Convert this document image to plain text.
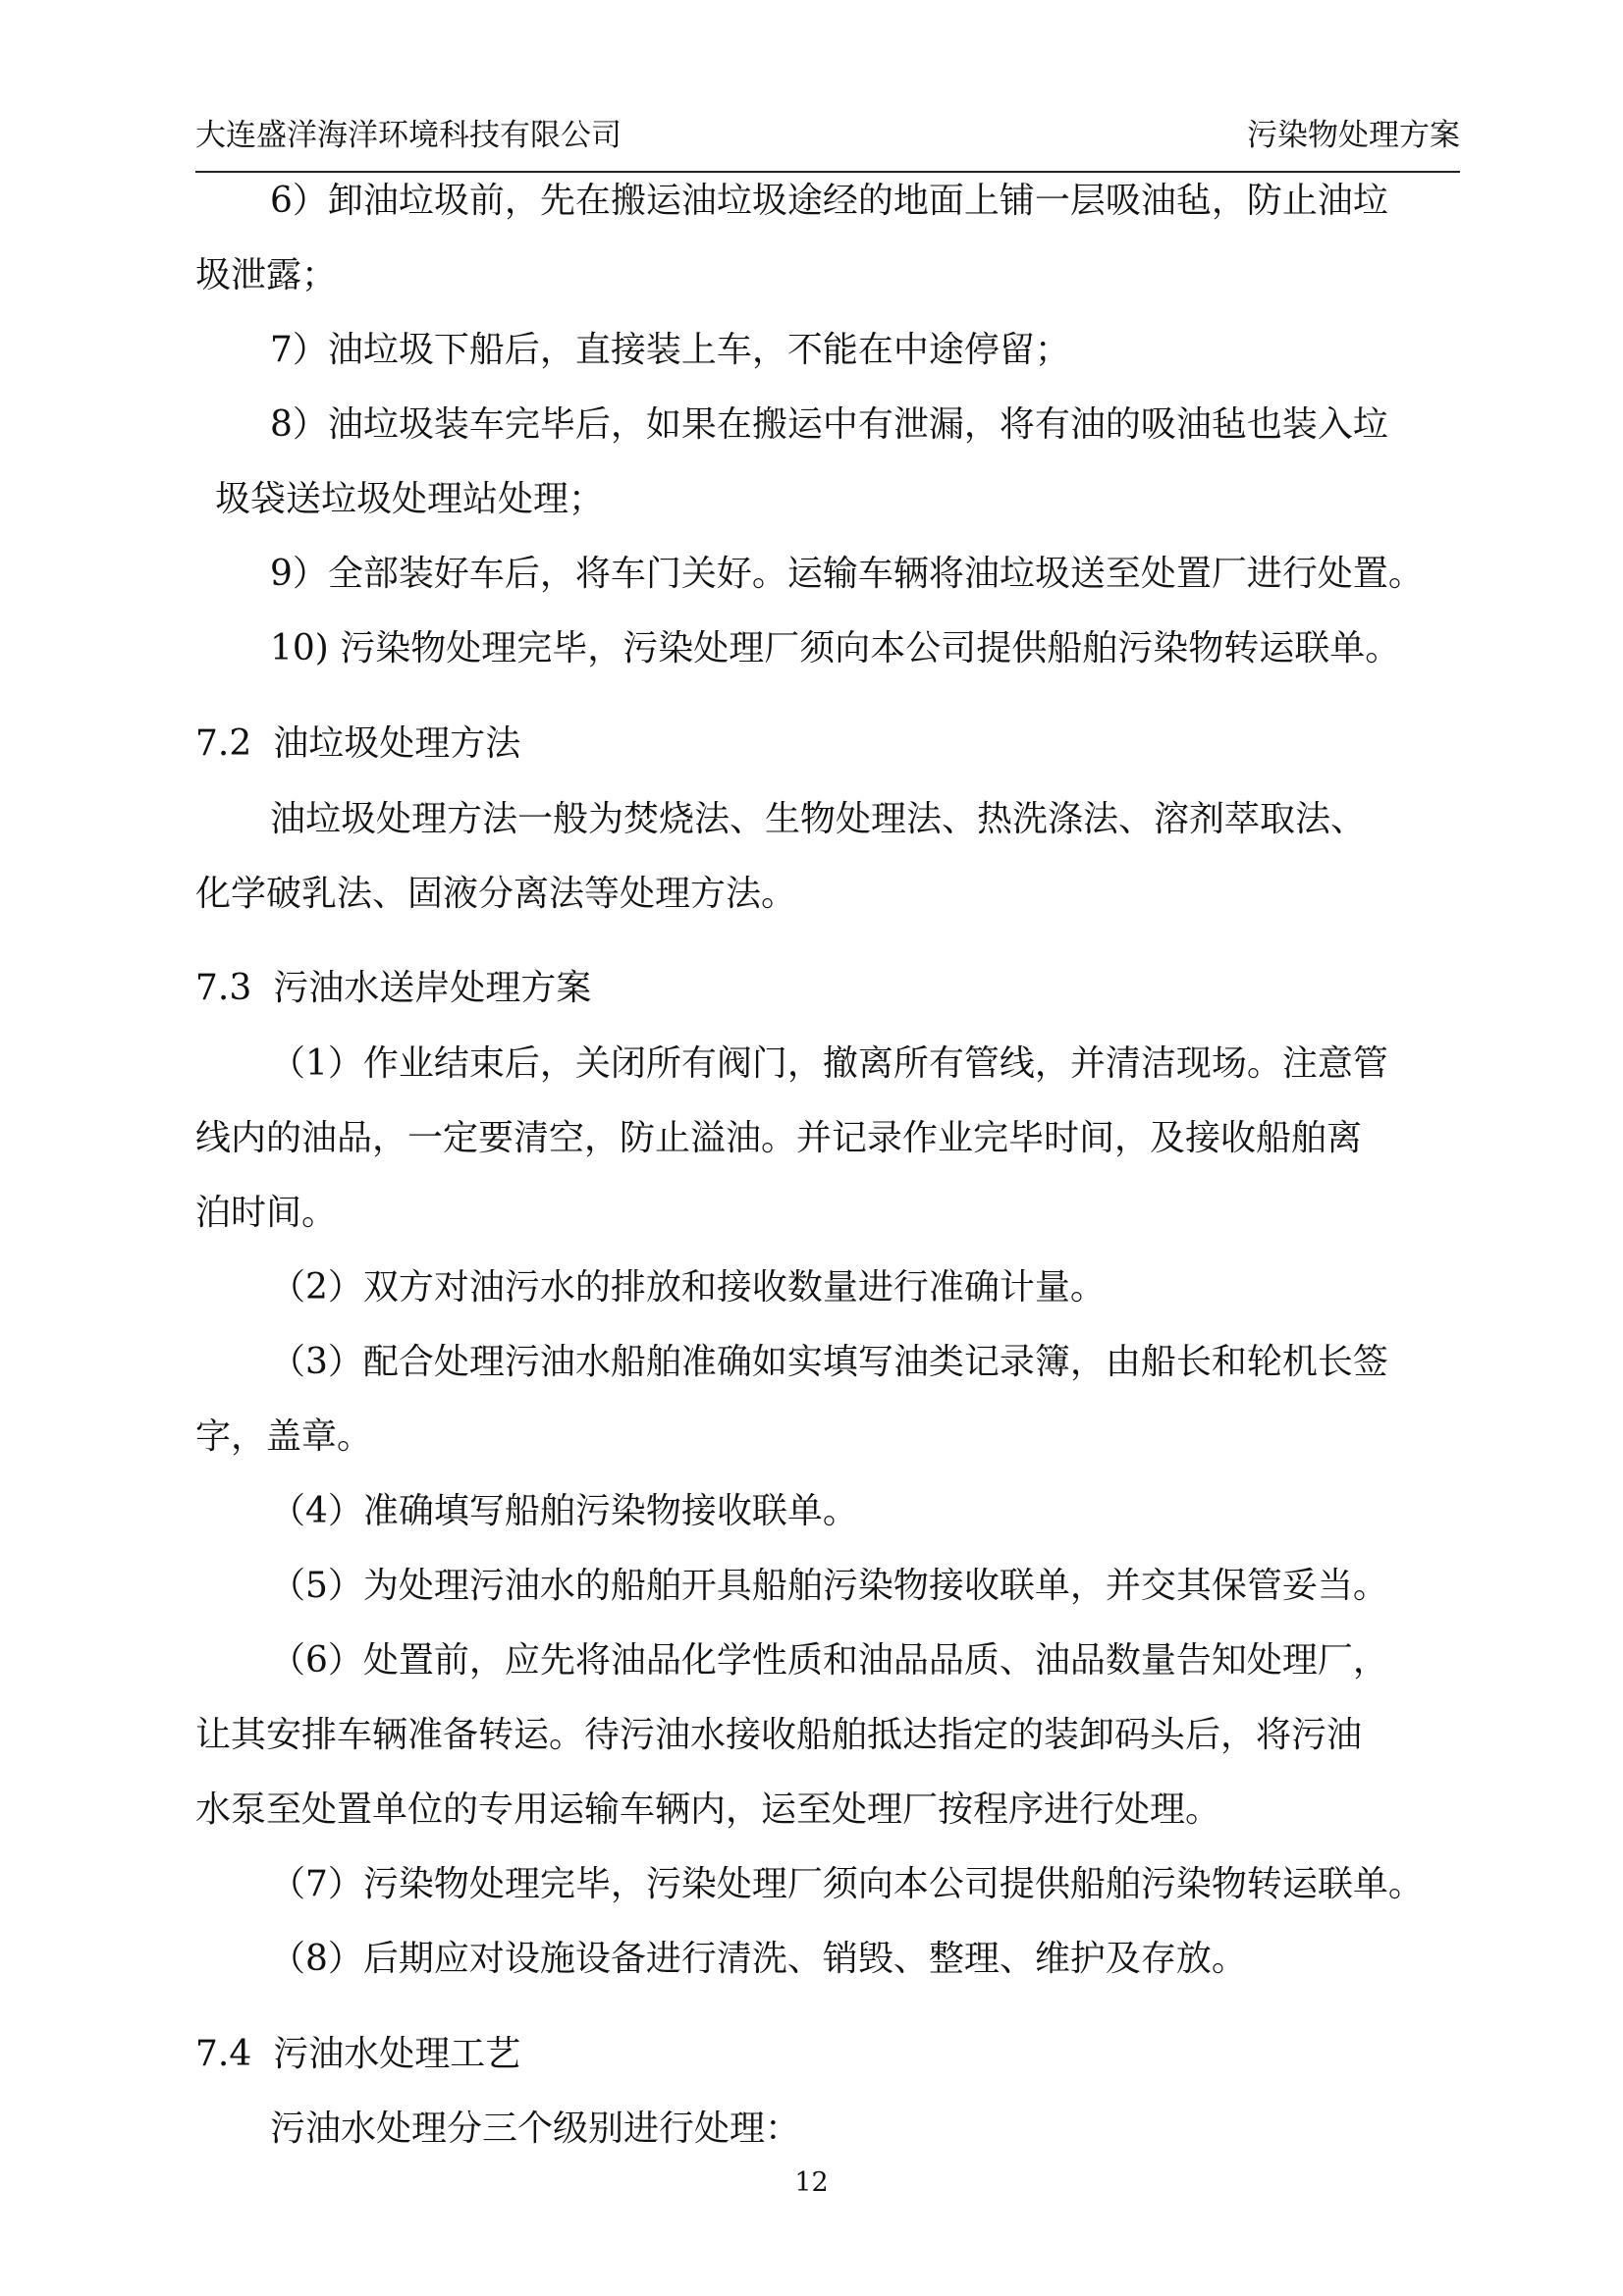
大连盛洋海洋环境科技有限公司	污染物处理方案
6）卸油垃圾前，先在搬运油垃圾途经的地面上铺一层吸油毡，防止油垃
圾泄露；
7）油垃圾下船后，直接装上车，不能在中途停留；
8）油垃圾装车完毕后，如果在搬运中有泄漏，将有油的吸油毡也装入垃
圾袋送垃圾处理站处理；
9）全部装好车后，将车门关好。运输车辆将油垃圾送至处置厂进行处置。
10) 污染物处理完毕，污染处理厂须向本公司提供船舶污染物转运联单。
7.2 油垃圾处理方法
油垃圾处理方法一般为焚烧法、生物处理法、热洗涤法、溶剂萃取法、
化学破乳法、固液分离法等处理方法。
7.3 污油水送岸处理方案
（1）作业结束后，关闭所有阀门，撤离所有管线，并清洁现场。注意管
线内的油品，一定要清空，防止溢油。并记录作业完毕时间，及接收船舶离
泊时间。
（2）双方对油污水的排放和接收数量进行准确计量。
（3）配合处理污油水船舶准确如实填写油类记录簿，由船长和轮机长签
字，盖章。
（4）准确填写船舶污染物接收联单。
（5）为处理污油水的船舶开具船舶污染物接收联单，并交其保管妥当。
（6）处置前，应先将油品化学性质和油品品质、油品数量告知处理厂，
让其安排车辆准备转运。待污油水接收船舶抵达指定的装卸码头后，将污油
水泵至处置单位的专用运输车辆内，运至处理厂按程序进行处理。
（7）污染物处理完毕，污染处理厂须向本公司提供船舶污染物转运联单。
（8）后期应对设施设备进行清洗、销毁、整理、维护及存放。
7.4 污油水处理工艺
污油水处理分三个级别进行处理：
12
